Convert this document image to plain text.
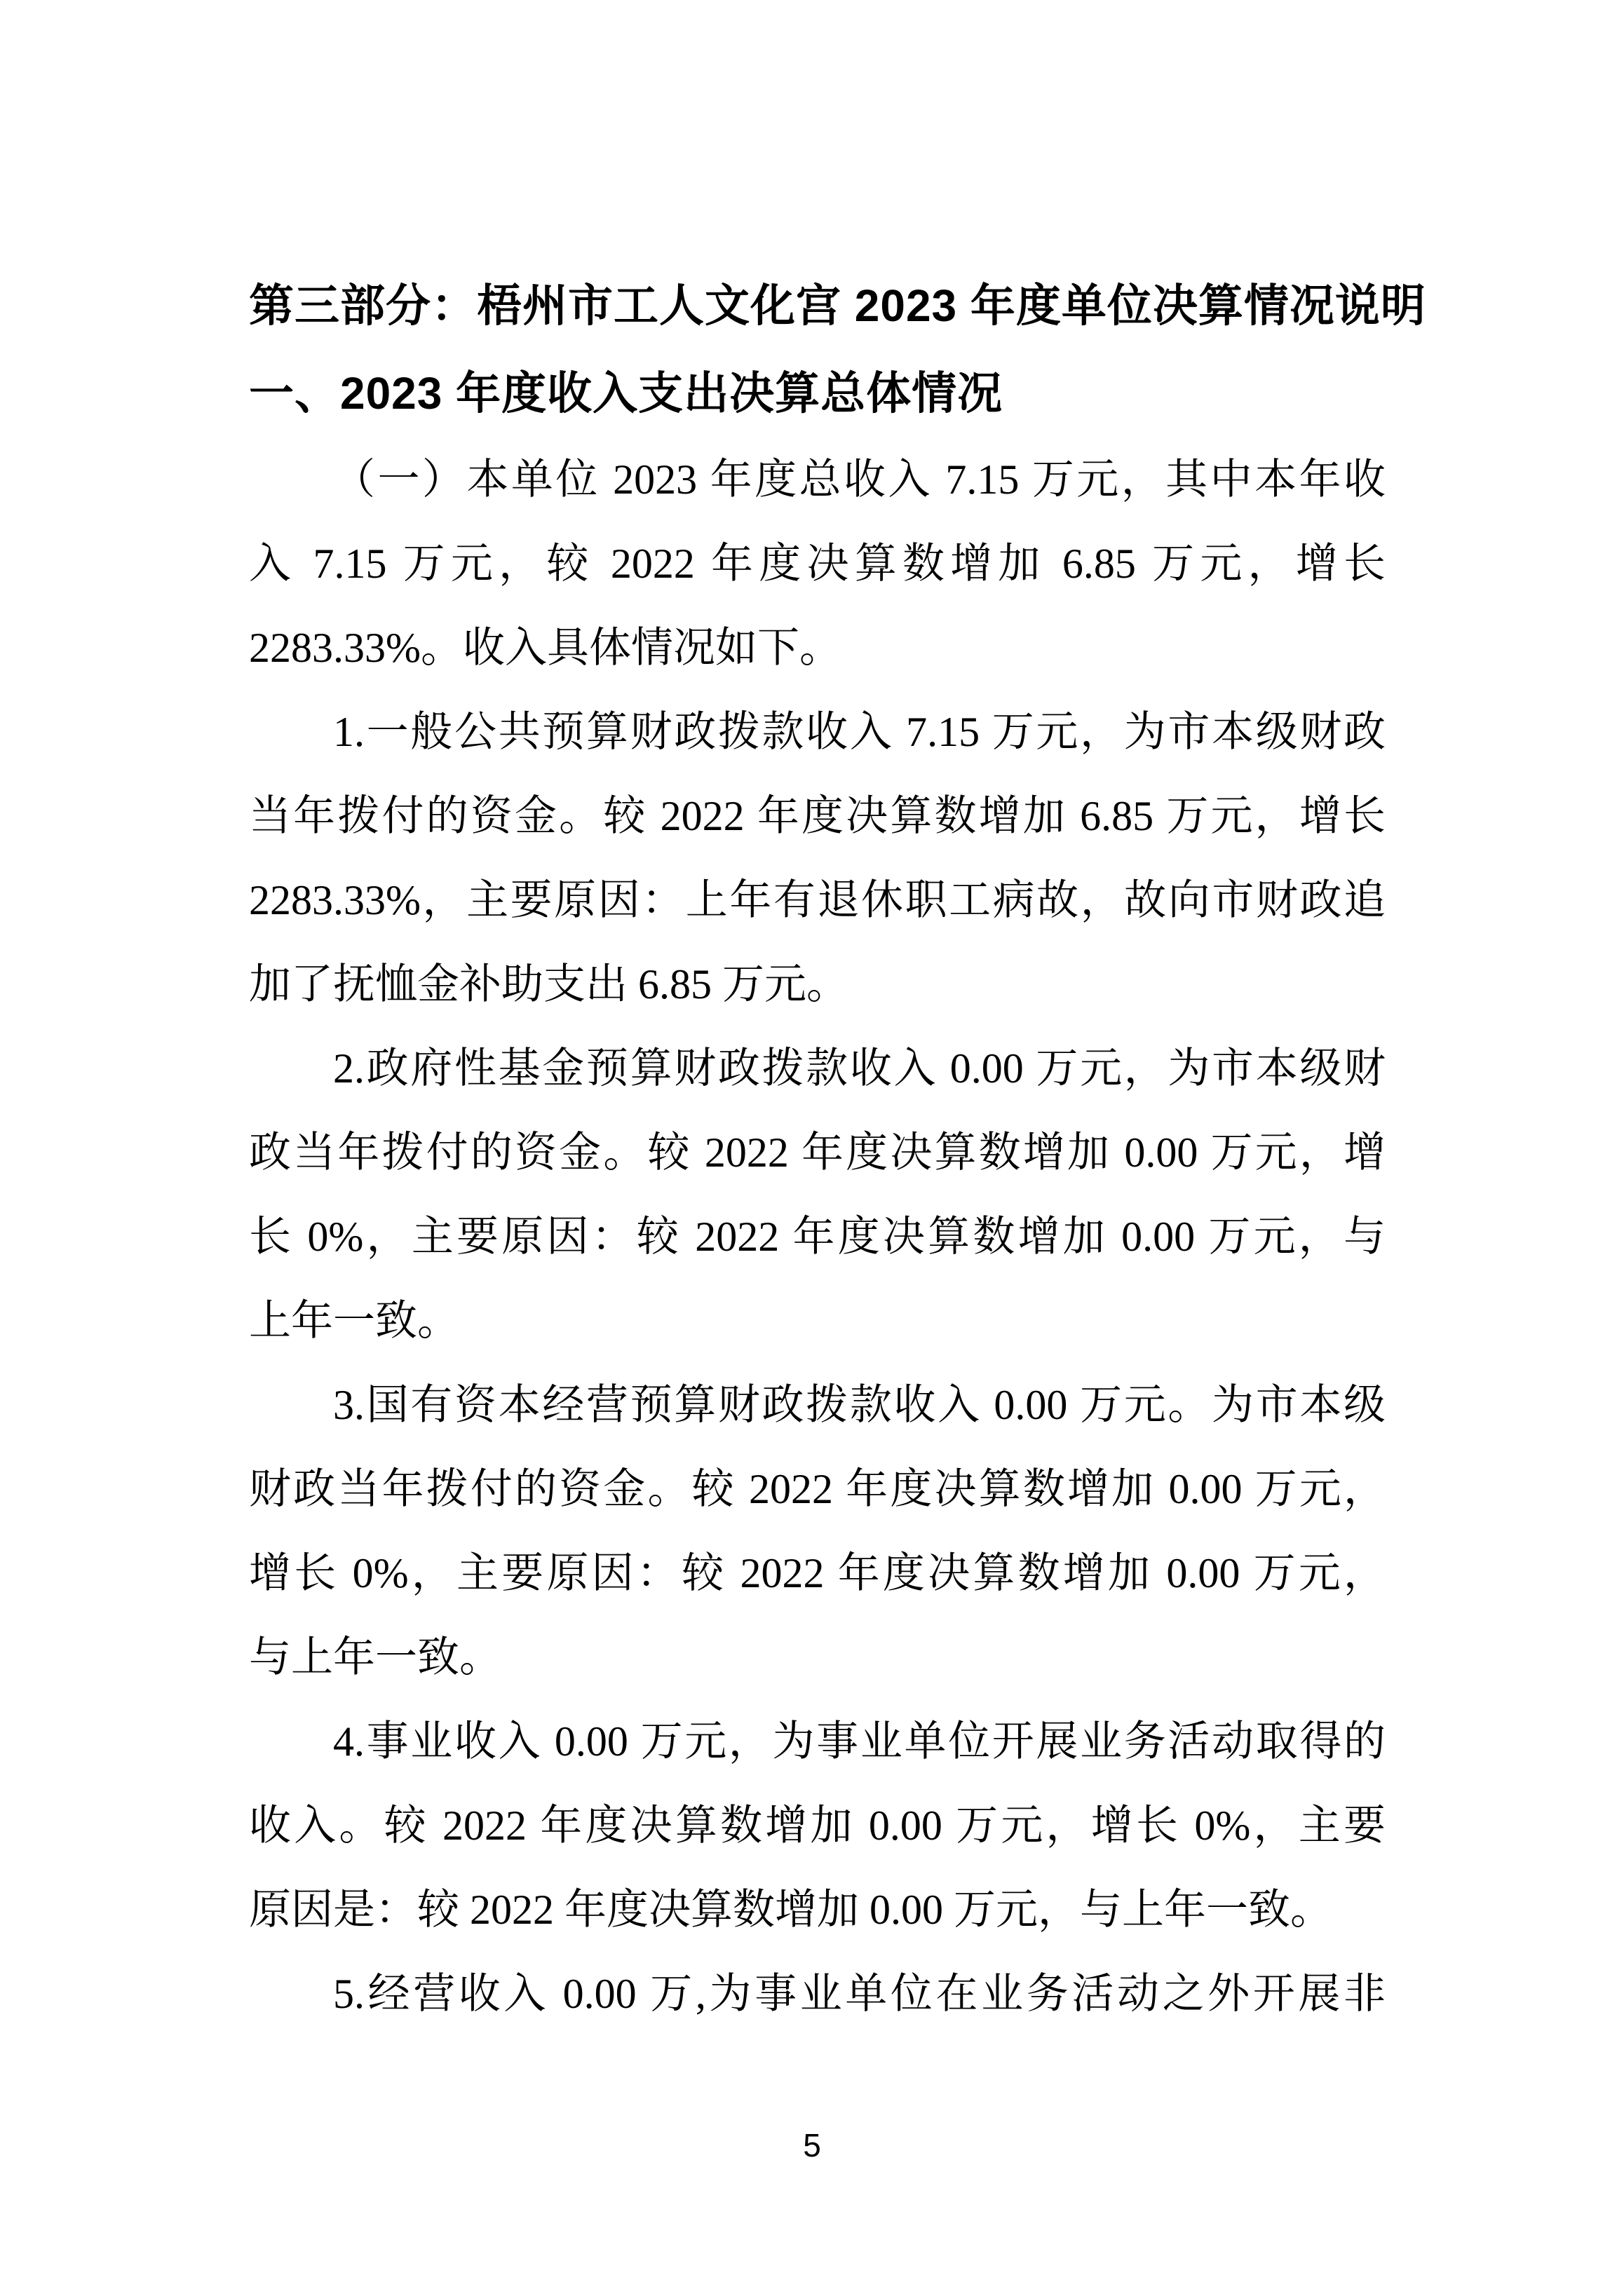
第三部分：梧州市工人文化宫 2023 年度单位决算情况说明
一、2023 年度收入支出决算总体情况
（一）本单位 2023 年度总收入 7.15 万元，其中本年收
入 7.15 万元，较 2022 年度决算数增加 6.85 万元，增长
2283.33%。收入具体情况如下。
1.一般公共预算财政拨款收入 7.15 万元，为市本级财政
当年拨付的资金。较 2022 年度决算数增加 6.85 万元，增长
2283.33%，主要原因：上年有退休职工病故，故向市财政追
加了抚恤金补助支出 6.85 万元。
2.政府性基金预算财政拨款收入 0.00 万元，为市本级财
政当年拨付的资金。较 2022 年度决算数增加 0.00 万元，增
长 0%，主要原因：较 2022 年度决算数增加 0.00 万元，与
上年一致。
3.国有资本经营预算财政拨款收入 0.00 万元。为市本级
财政当年拨付的资金。较 2022 年度决算数增加 0.00 万元，
增长 0%，主要原因：较 2022 年度决算数增加 0.00 万元，
与上年一致。
4.事业收入 0.00 万元，为事业单位开展业务活动取得的
收入。较 2022 年度决算数增加 0.00 万元，增长 0%，主要
原因是：较 2022 年度决算数增加 0.00 万元，与上年一致。
5.经营收入 0.00 万,为事业单位在业务活动之外开展非
5
